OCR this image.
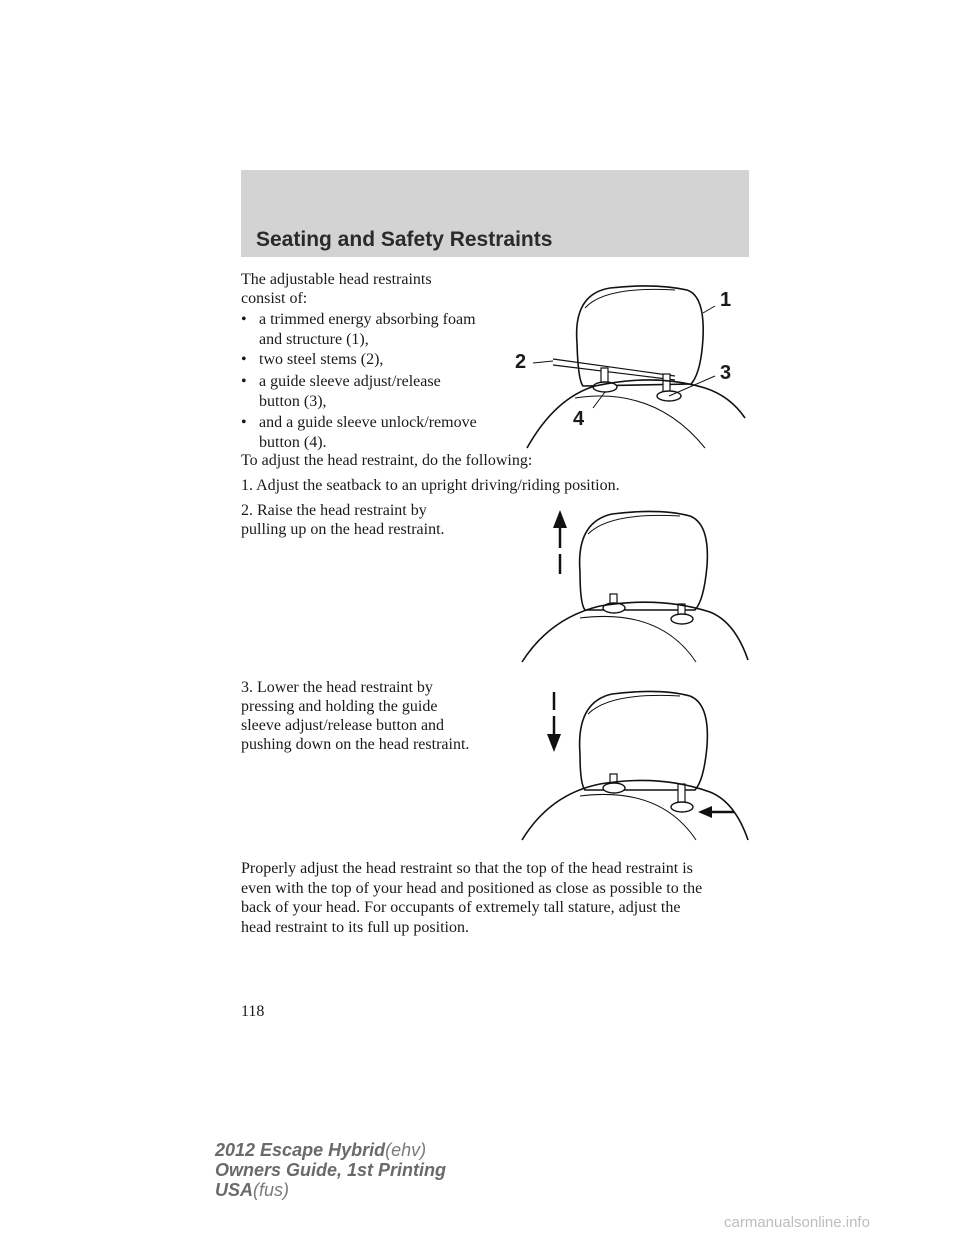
Seating and Safety Restraints
The adjustable head restraints
consist of:
• a trimmed energy absorbing foam
and structure (1),
• two steel stems (2),
• a guide sleeve adjust/release
button (3),
• and a guide sleeve unlock/remove
button (4).
1
2	3
4
To adjust the head restraint, do the following:
1. Adjust the seatback to an upright driving/riding position.
2. Raise the head restraint by
pulling up on the head restraint.
3. Lower the head restraint by
pressing and holding the guide
sleeve adjust/release button and
pushing down on the head restraint.
Properly adjust the head restraint so that the top of the head restraint is
even with the top of your head and positioned as close as possible to the
back of your head. For occupants of extremely tall stature, adjust the
head restraint to its full up position.
118
2012 Escape Hybrid(ehv)
Owners Guide, 1st Printing
USA(fus)
carmanualsonline.info
